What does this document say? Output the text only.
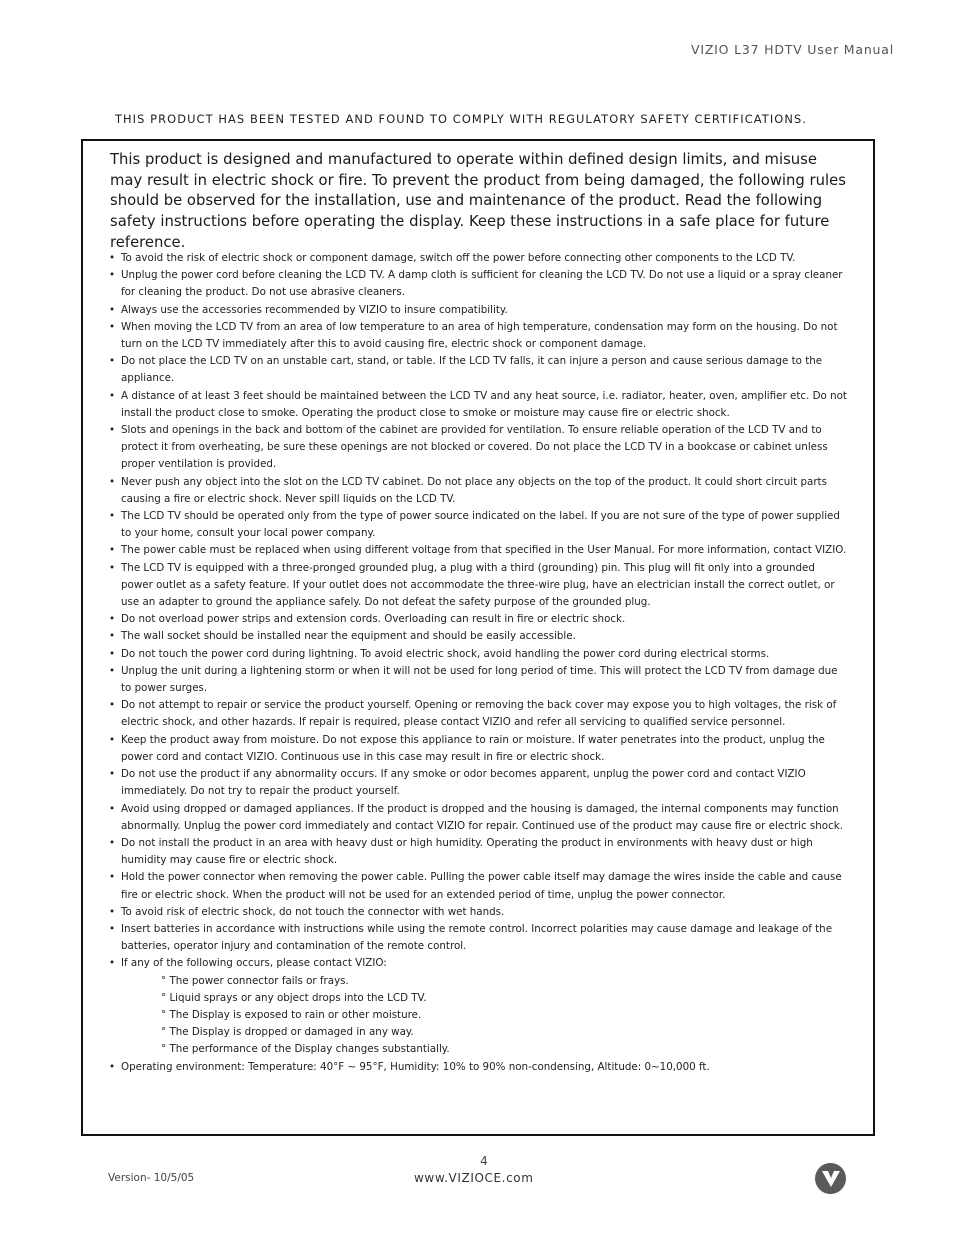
VIZIO L37 HDTV User Manual
THIS PRODUCT HAS BEEN TESTED AND FOUND TO COMPLY WITH REGULATORY SAFETY CERTIFICATIONS.
This product is designed and manufactured to operate within defined design limits, and misuse may result in electric shock or fire. To prevent the product from being damaged, the following rules should be observed for the installation, use and maintenance of the product. Read the following safety instructions before operating the display. Keep these instructions in a safe place for future reference.
• To avoid the risk of electric shock or component damage, switch off the power before connecting other components to the LCD TV.
• Unplug the power cord before cleaning the LCD TV. A damp cloth is sufficient for cleaning the LCD TV. Do not use a liquid or a spray cleaner for cleaning the product. Do not use abrasive cleaners.
• Always use the accessories recommended by VIZIO to insure compatibility.
• When moving the LCD TV from an area of low temperature to an area of high temperature, condensation may form on the housing. Do not turn on the LCD TV immediately after this to avoid causing fire, electric shock or component damage.
• Do not place the LCD TV on an unstable cart, stand, or table. If the LCD TV falls, it can injure a person and cause serious damage to the appliance.
• A distance of at least 3 feet should be maintained between the LCD TV and any heat source, i.e. radiator, heater, oven, amplifier etc. Do not install the product close to smoke. Operating the product close to smoke or moisture may cause fire or electric shock.
• Slots and openings in the back and bottom of the cabinet are provided for ventilation. To ensure reliable operation of the LCD TV and to protect it from overheating, be sure these openings are not blocked or covered. Do not place the LCD TV in a bookcase or cabinet unless proper ventilation is provided.
• Never push any object into the slot on the LCD TV cabinet. Do not place any objects on the top of the product. It could short circuit parts causing a fire or electric shock. Never spill liquids on the LCD TV.
• The LCD TV should be operated only from the type of power source indicated on the label. If you are not sure of the type of power supplied to your home, consult your local power company.
• The power cable must be replaced when using different voltage from that specified in the User Manual. For more information, contact VIZIO.
• The LCD TV is equipped with a three-pronged grounded plug, a plug with a third (grounding) pin. This plug will fit only into a grounded power outlet as a safety feature. If your outlet does not accommodate the three-wire plug, have an electrician install the correct outlet, or use an adapter to ground the appliance safely. Do not defeat the safety purpose of the grounded plug.
• Do not overload power strips and extension cords. Overloading can result in fire or electric shock.
• The wall socket should be installed near the equipment and should be easily accessible.
• Do not touch the power cord during lightning. To avoid electric shock, avoid handling the power cord during electrical storms.
• Unplug the unit during a lightening storm or when it will not be used for long period of time. This will protect the LCD TV from damage due to power surges.
• Do not attempt to repair or service the product yourself. Opening or removing the back cover may expose you to high voltages, the risk of electric shock, and other hazards. If repair is required, please contact VIZIO and refer all servicing to qualified service personnel.
• Keep the product away from moisture. Do not expose this appliance to rain or moisture. If water penetrates into the product, unplug the power cord and contact VIZIO. Continuous use in this case may result in fire or electric shock.
• Do not use the product if any abnormality occurs. If any smoke or odor becomes apparent, unplug the power cord and contact VIZIO immediately. Do not try to repair the product yourself.
• Avoid using dropped or damaged appliances. If the product is dropped and the housing is damaged, the internal components may function abnormally. Unplug the power cord immediately and contact VIZIO for repair. Continued use of the product may cause fire or electric shock.
• Do not install the product in an area with heavy dust or high humidity. Operating the product in environments with heavy dust or high humidity may cause fire or electric shock.
• Hold the power connector when removing the power cable. Pulling the power cable itself may damage the wires inside the cable and cause fire or electric shock. When the product will not be used for an extended period of time, unplug the power connector.
• To avoid risk of electric shock, do not touch the connector with wet hands.
• Insert batteries in accordance with instructions while using the remote control. Incorrect polarities may cause damage and leakage of the batteries, operator injury and contamination of the remote control.
• If any of the following occurs, please contact VIZIO:
° The power connector fails or frays.
° Liquid sprays or any object drops into the LCD TV.
° The Display is exposed to rain or other moisture.
° The Display is dropped or damaged in any way.
° The performance of the Display changes substantially.
• Operating environment: Temperature: 40°F ~ 95°F, Humidity: 10% to 90% non-condensing, Altitude: 0~10,000 ft.
4
Version- 10/5/05	www.VIZIOCE.com
